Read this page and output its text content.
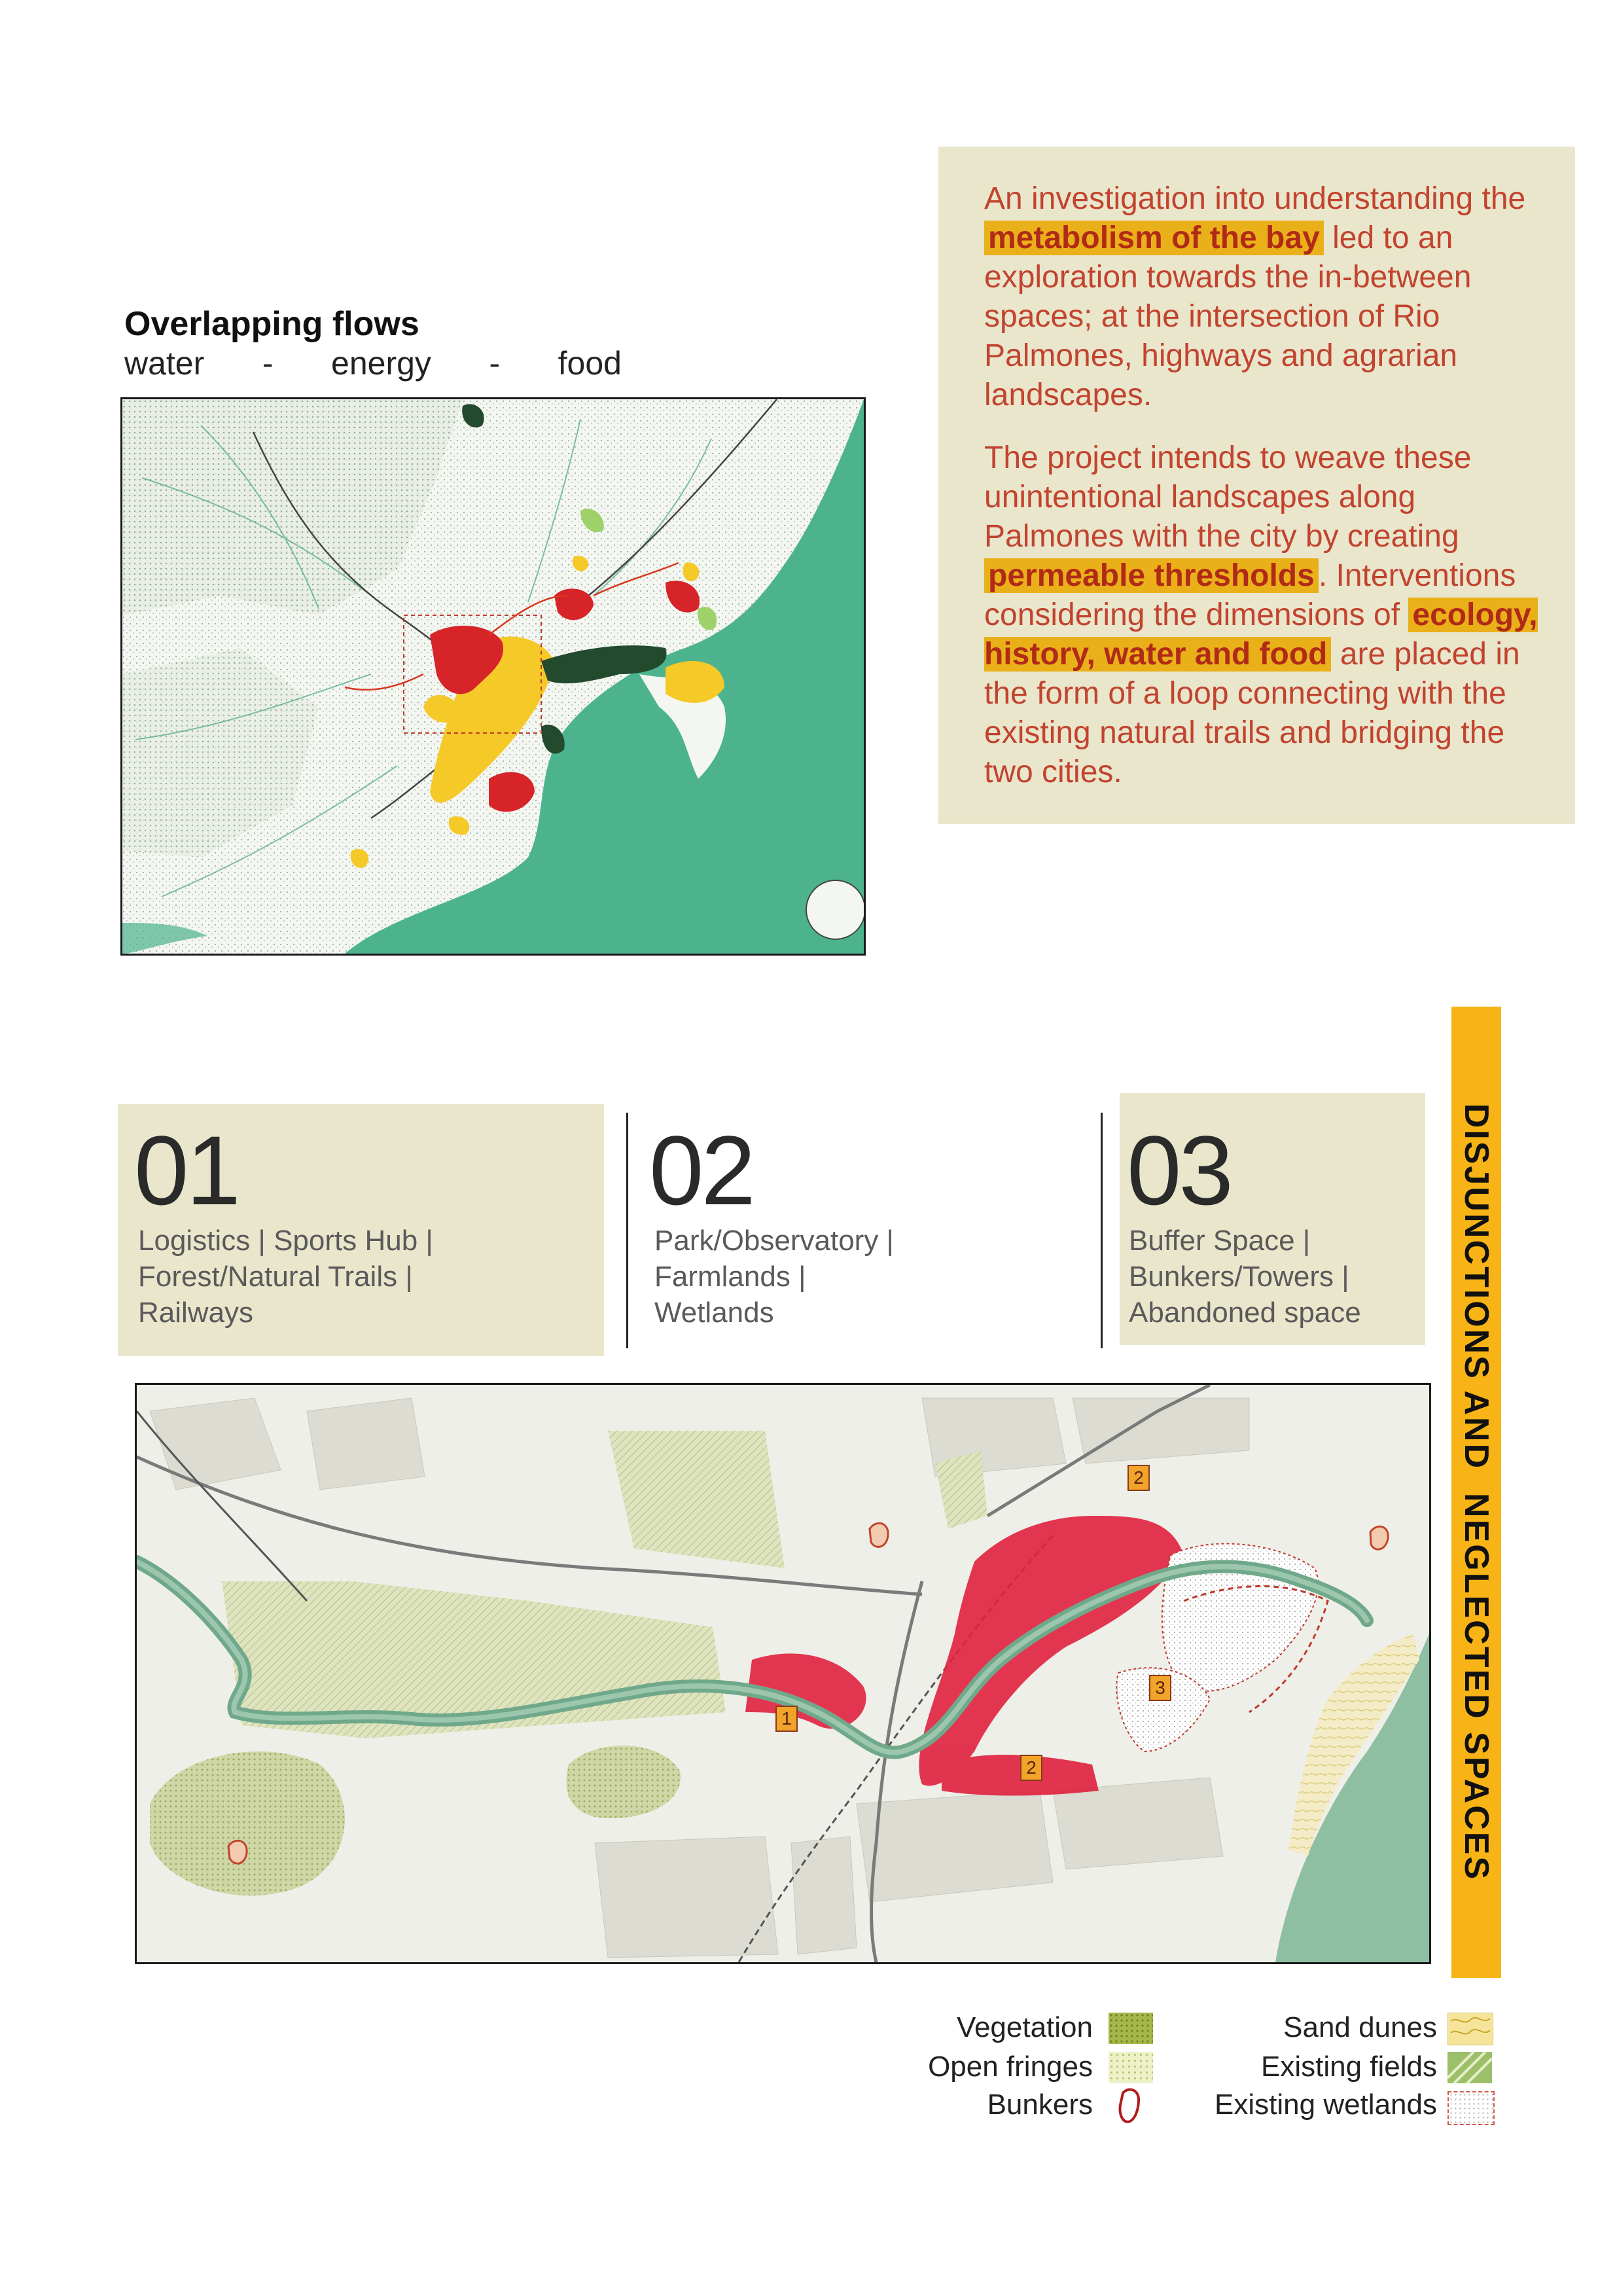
An investigation into understanding the metabolism of the bay led to an exploration towards the in-between spaces; at the intersection of Rio Palmones, highways and agrarian landscapes.
The project intends to weave these unintentional landscapes along Palmones with the city by creating permeable thresholds . Interventions considering the dimensions of ecology, history, water and food are placed in the form of a loop connecting with the existing natural trails and bridging the two cities.
Overlapping flows
water - energy - food
01
Logistics | Sports Hub |
Forest/Natural Trails |
Railways
02
Park/Observatory |
Farmlands |
Wetlands
03
Buffer Space |
Bunkers/Towers |
Abandoned space	DISJUNCTIONS AND  NEGLECTED SPACES
2
1
2
3
Vegetation
Open fringes
Bunkers
Sand dunes
Existing fields
Existing wetlands
